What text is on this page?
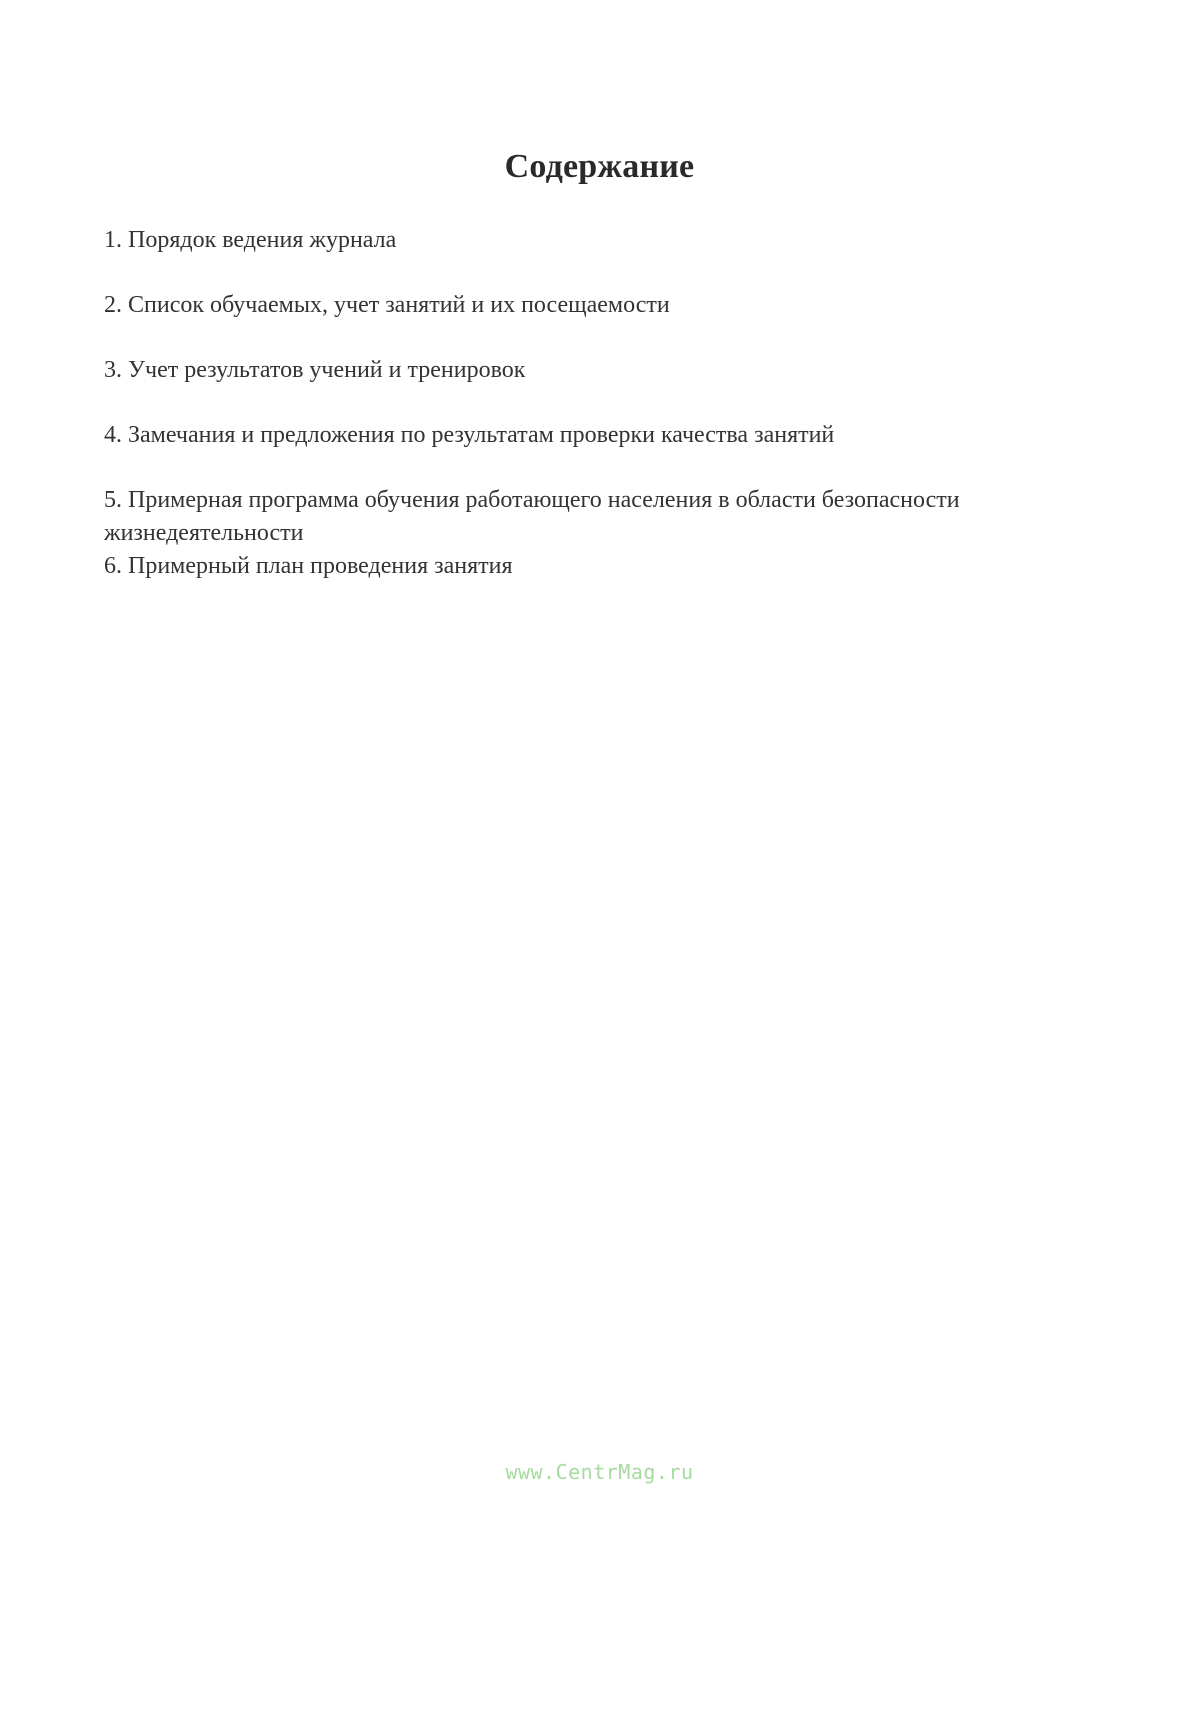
Содержание

1. Порядок ведения журнала

2. Список обучаемых, учет занятий и их посещаемости

3. Учет результатов учений и тренировок

4. Замечания и предложения по результатам проверки качества занятий

5. Примерная программа обучения работающего населения в области безопасности жизнедеятельности

6. Примерный план проведения занятия

www.CentrMag.ru
